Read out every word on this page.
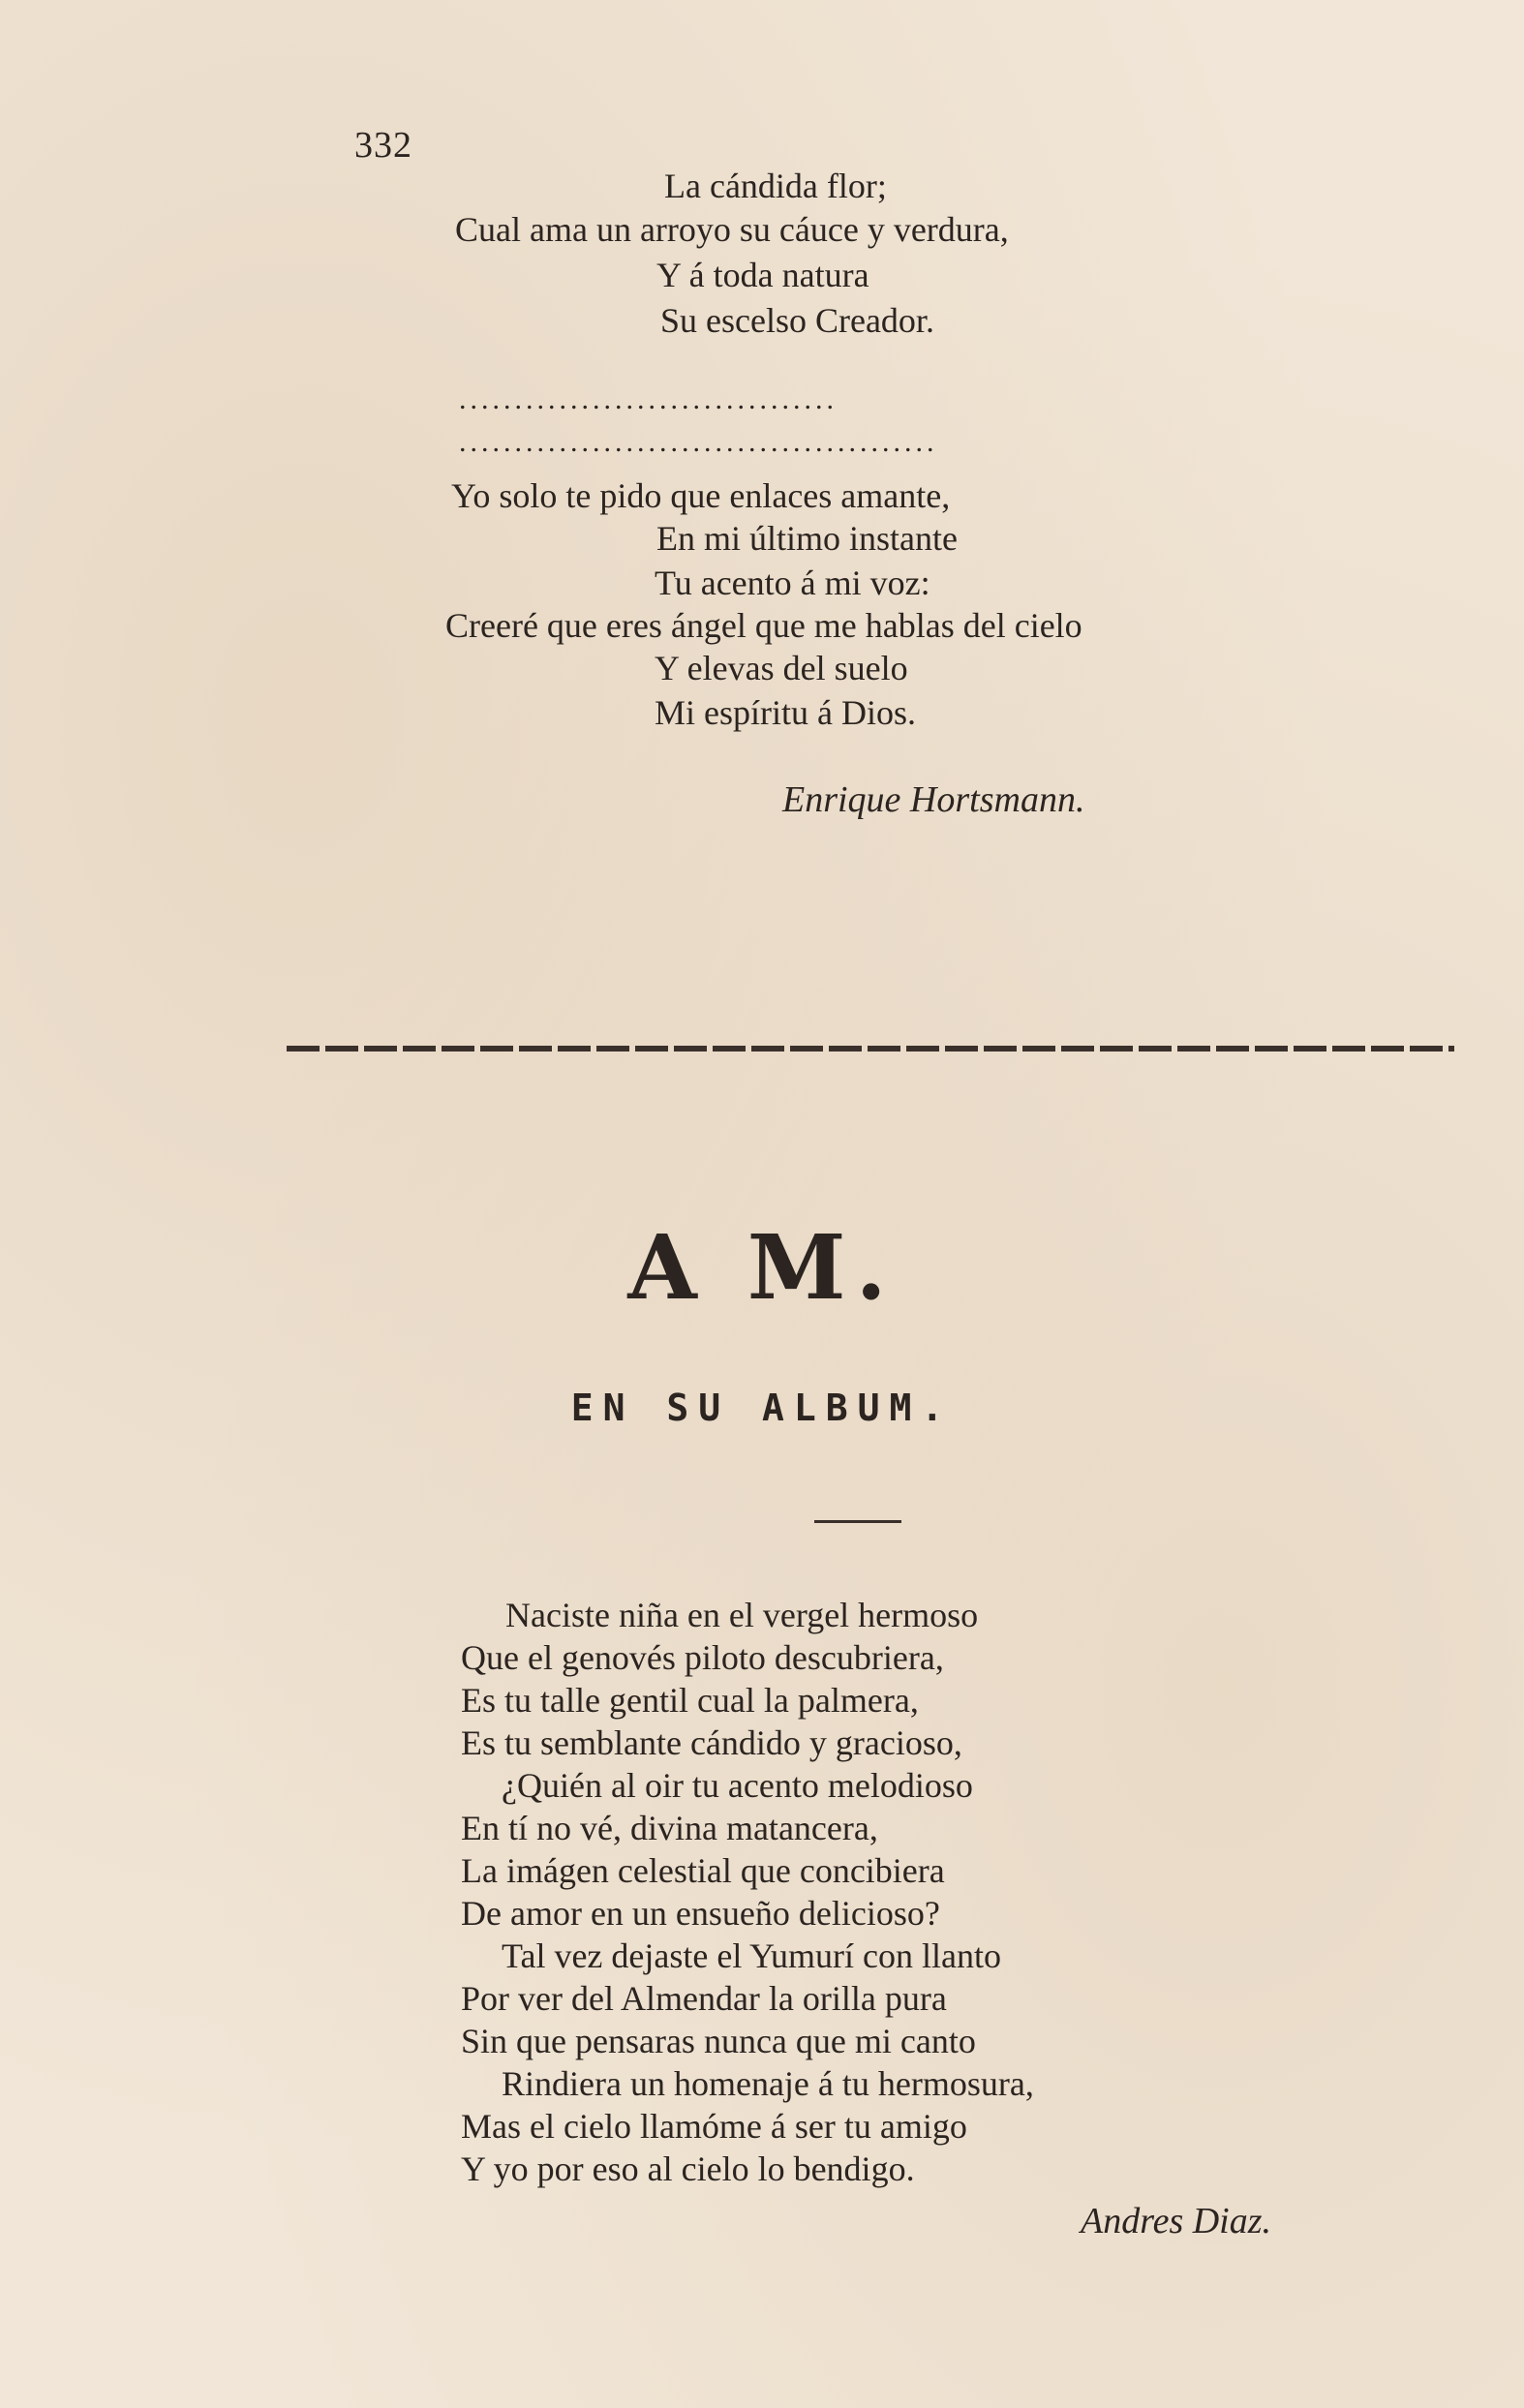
332
La cándida flor;
Cual ama un arroyo su cáuce y verdura,
Y á toda natura
Su escelso Creador.
..................................
...........................................
Yo solo te pido que enlaces amante,
En mi último instante
Tu acento á mi voz:
Creeré que eres ángel que me hablas del cielo
Y elevas del suelo
Mi espíritu á Dios.
Enrique Hortsmann.
A M.
EN SU ALBUM.
Naciste niña en el vergel hermoso
Que el genovés piloto descubriera,
Es tu talle gentil cual la palmera,
Es tu semblante cándido y gracioso,
¿Quién al oir tu acento melodioso
En tí no vé, divina matancera,
La imágen celestial que concibiera
De amor en un ensueño delicioso?
Tal vez dejaste el Yumurí con llanto
Por ver del Almendar la orilla pura
Sin que pensaras nunca que mi canto
Rindiera un homenaje á tu hermosura,
Mas el cielo llamóme á ser tu amigo
Y yo por eso al cielo lo bendigo.
Andres Diaz.
